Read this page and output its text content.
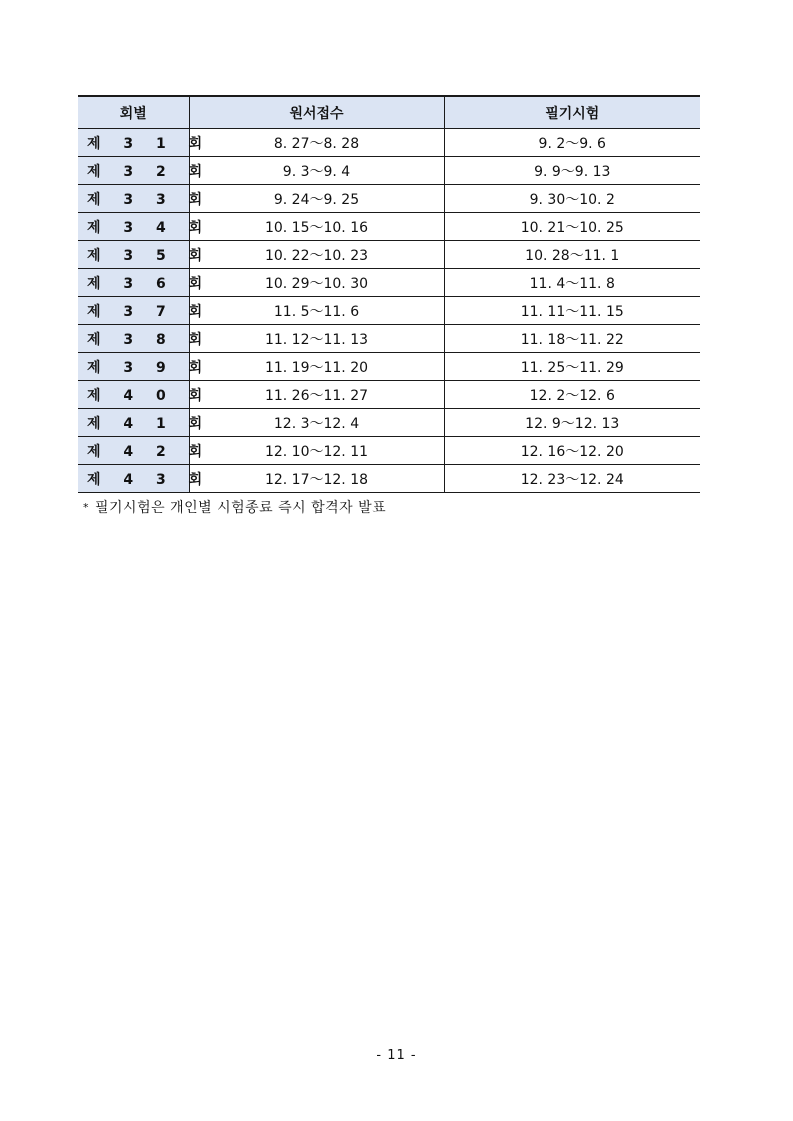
회별	원서접수	필기시험
제 3 1 회	8. 27～8. 28	9. 2～9. 6
제 3 2 회	9. 3～9. 4	9. 9～9. 13
제 3 3 회	9. 24～9. 25	9. 30～10. 2
제 3 4 회	10. 15～10. 16	10. 21～10. 25
제 3 5 회	10. 22～10. 23	10. 28～11. 1
제 3 6 회	10. 29～10. 30	11. 4～11. 8
제 3 7 회	11. 5～11. 6	11. 11～11. 15
제 3 8 회	11. 12～11. 13	11. 18～11. 22
제 3 9 회	11. 19～11. 20	11. 25～11. 29
제 4 0 회	11. 26～11. 27	12. 2～12. 6
제 4 1 회	12. 3～12. 4	12. 9～12. 13
제 4 2 회	12. 10～12. 11	12. 16～12. 20
제 4 3 회	12. 17～12. 18	12. 23～12. 24
* 필기시험은 개인별 시험종료 즉시 합격자 발표
- 11 -
